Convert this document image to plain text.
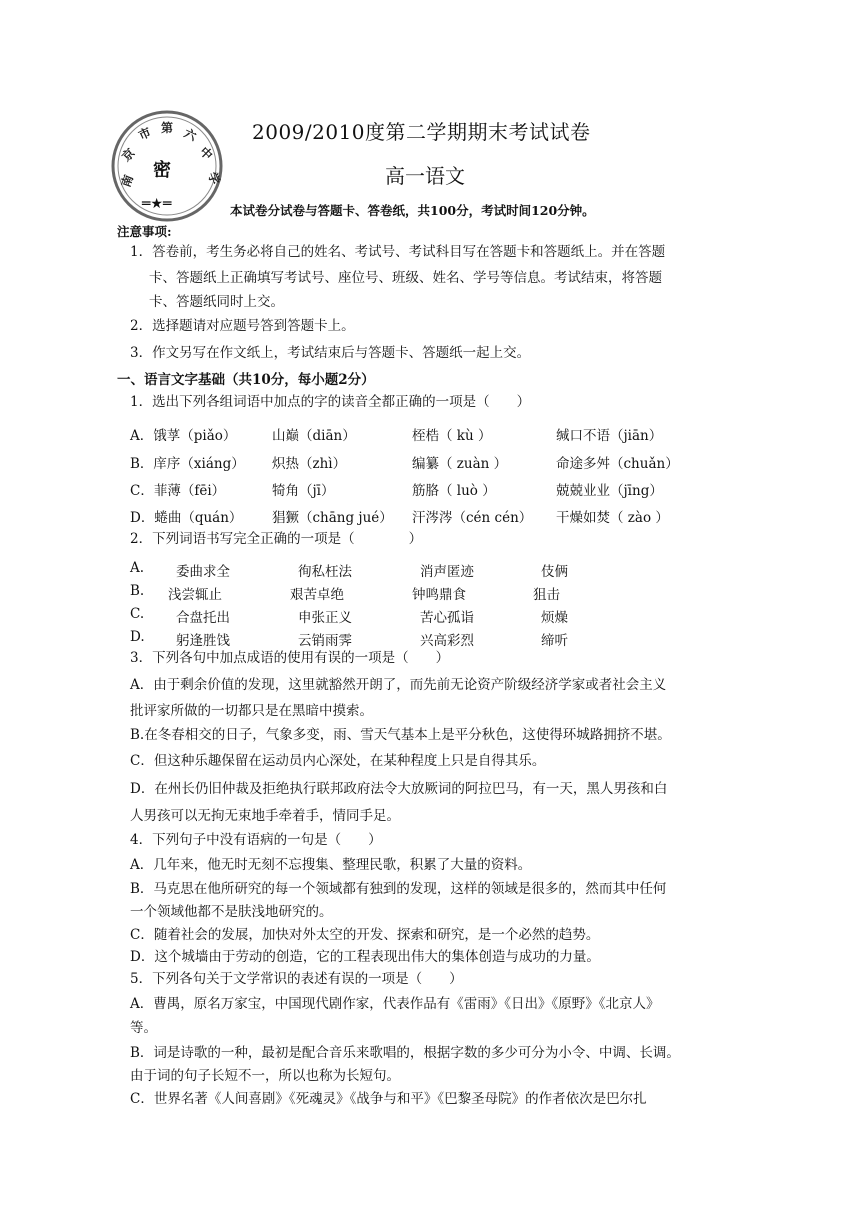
南
京
市 第 六
中
学
密
═★═
2009/2010度第二学期期末考试试卷
高一语文
本试卷分试卷与答题卡、答卷纸，共100分，考试时间120分钟。
注意事项:
1．答卷前，考生务必将自己的姓名、考试号、考试科目写在答题卡和答题纸上。并在答题
卡、答题纸上正确填写考试号、座位号、班级、姓名、学号等信息。考试结束，将答题
卡、答题纸同时上交。
2．选择题请对应题号答到答题卡上。
3．作文另写在作文纸上，考试结束后与答题卡、答题纸一起上交。
一、语言文字基础（共10分，每小题2分）
1．选出下列各组词语中加点的字的读音全都正确的一项是（　　）
A．饿莩（piǎo）	山巅（diān）	桎梏（ kù ）	缄口不语（jiān）
B．庠序（xiáng） 炽热（zhì）	编纂（ zuàn ）	命途多舛（chuǎn）
C．菲薄（fēi）	犄角（jī）	筋胳（ luò ）	兢兢业业（jīng）
D．蜷曲（quán） 猖獗（chāng jué） 汗涔涔（cén cén） 干燥如焚（ zào ）
2．下列词语书写完全正确的一项是（　　　　）
A. 委曲求全	徇私枉法	消声匿迹	伎俩
B. 浅尝辄止	艰苦卓绝	钟鸣鼎食	狙击
C. 合盘托出	申张正义	苦心孤诣	烦燥
D. 躬逢胜饯	云销雨霁	兴高彩烈	缔听
3．下列各句中加点成语的使用有误的一项是（　　）
A．由于剩余价值的发现，这里就豁然开朗了，而先前无论资产阶级经济学家或者社会主义
批评家所做的一切都只是在黑暗中摸索。
B.在冬春相交的日子，气象多变，雨、雪天气基本上是平分秋色，这使得环城路拥挤不堪。
C．但这种乐趣保留在运动员内心深处，在某种程度上只是自得其乐。
D．在州长仍旧仲裁及拒绝执行联邦政府法令大放厥词的阿拉巴马，有一天，黑人男孩和白
人男孩可以无拘无束地手牵着手，情同手足。
4．下列句子中没有语病的一句是（　　）
A．几年来，他无时无刻不忘搜集、整理民歌，积累了大量的资料。
B．马克思在他所研究的每一个领域都有独到的发现，这样的领域是很多的，然而其中任何
一个领域他都不是肤浅地研究的。
C．随着社会的发展，加快对外太空的开发、探索和研究，是一个必然的趋势。
D．这个城墙由于劳动的创造，它的工程表现出伟大的集体创造与成功的力量。
5．下列各句关于文学常识的表述有误的一项是（　　）
A．曹禺，原名万家宝，中国现代剧作家，代表作品有《雷雨》《日出》《原野》《北京人》
等。
B．词是诗歌的一种，最初是配合音乐来歌唱的，根据字数的多少可分为小令、中调、长调。
由于词的句子长短不一，所以也称为长短句。
C．世界名著《人间喜剧》《死魂灵》《战争与和平》《巴黎圣母院》的作者依次是巴尔扎
